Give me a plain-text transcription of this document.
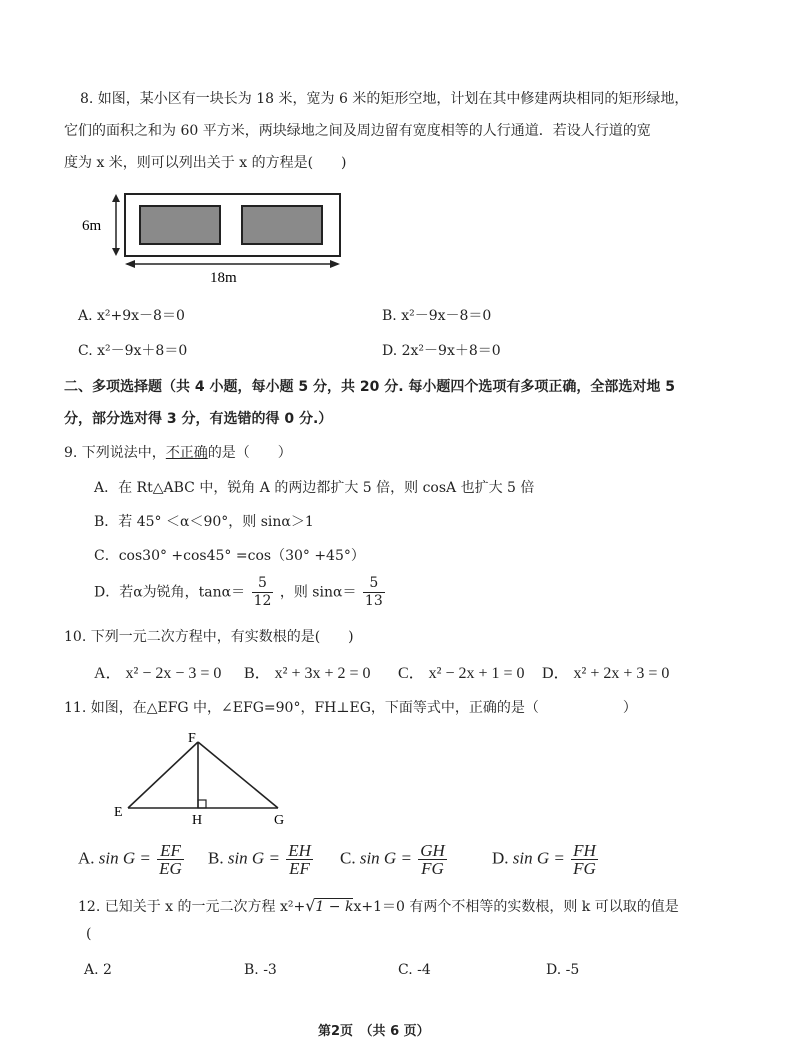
8. 如图，某小区有一块长为 18 米，宽为 6 米的矩形空地，计划在其中修建两块相同的矩形绿地，
它们的面积之和为 60 平方米，两块绿地之间及周边留有宽度相等的人行通道．若设人行道的宽
度为 x 米，则可以列出关于 x 的方程是(　　)
6m
18m
A. x²+9x－8＝0	B. x²－9x－8＝0
C. x²－9x＋8＝0	D. 2x²－9x＋8＝0
二、多项选择题（共 4 小题，每小题 5 分，共 20 分. 每小题四个选项有多项正确，全部选对地 5
分，部分选对得 3 分，有选错的得 0 分.）
9. 下列说法中，不正确的是（　　）
A．在 Rt△ABC 中，锐角 A 的两边都扩大 5 倍，则 cosA 也扩大 5 倍
B．若 45° ＜α＜90°，则 sinα＞1
C．cos30° +cos45° =cos（30° +45°）
D．若α为锐角，$\tan\alpha= \frac{5}{12}$ ，则 $\sin\alpha= \frac{5}{13}$
10. 下列一元二次方程中，有实数根的是(　　)
A． x² − 2x − 3 = 0 B． x² + 3x + 2 = 0 C． x² − 2x + 1 = 0 D． x² + 2x + 3 = 0
11. 如图，在△EFG 中，∠EFG=90°，FH⊥EG，下面等式中，正确的是（　　　　　　）
F
E
H	G
A. $\sin G = \frac{EF}{EG} B$. $\sin G = \frac{EH}{EF} C$. $\sin G = \frac{GH}{FG}$	D. $\sin G = \frac{FH}{FG}$
12. 已知关于 x 的一元二次方程 x²+√1 − kx+1＝0 有两个不相等的实数根，则 k 可以取的值是
(
A. 2	B. -3	C. -4	D. -5
第2页　（共 6 页）
